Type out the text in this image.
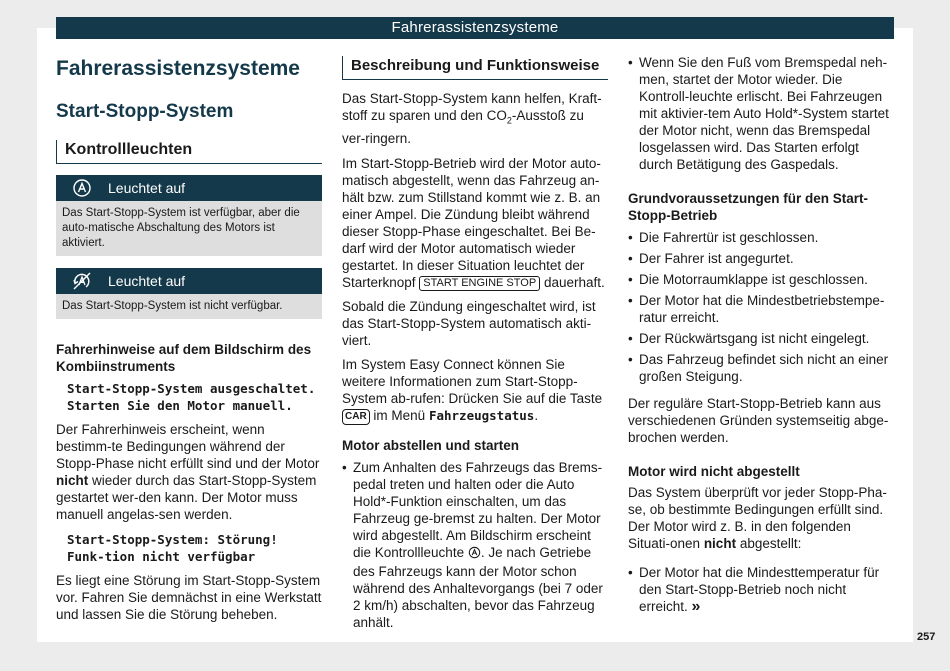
Fahrerassistenzsysteme

Fahrerassistenzsysteme

Start-Stopp-System

Kontrollleuchten

Leuchtet auf
Das Start-Stopp-System ist verfügbar, aber die auto-matische Abschaltung des Motors ist aktiviert.
Leuchtet auf
Das Start-Stopp-System ist nicht verfügbar.

Fahrerhinweise auf dem Bildschirm des Kombiinstruments

Start-Stopp-System ausgeschaltet. Starten Sie den Motor manuell.

Der Fahrerhinweis erscheint, wenn bestimm-te Bedingungen während der Stopp-Phase nicht erfüllt sind und der Motor nicht wieder durch das Start-Stopp-System gestartet wer-den kann. Der Motor muss manuell angelas-sen werden.

Start-Stopp-System: Störung! Funk-tion nicht verfügbar

Es liegt eine Störung im Start-Stopp-System vor. Fahren Sie demnächst in eine Werkstatt und lassen Sie die Störung beheben.

Beschreibung und Funktionsweise

Das Start-Stopp-System kann helfen, Kraft-stoff zu sparen und den $CO_2$-Ausstoß zu ver-ringern.

Im Start-Stopp-Betrieb wird der Motor auto-matisch abgestellt, wenn das Fahrzeug an-hält bzw. zum Stillstand kommt wie z. B. an einer Ampel. Die Zündung bleibt während dieser Stopp-Phase eingeschaltet. Bei Be-darf wird der Motor automatisch wieder gestartet. In dieser Situation leuchtet der Starterknopf START ENGINE STOP dauerhaft.

Sobald die Zündung eingeschaltet wird, ist das Start-Stopp-System automatisch akti-viert.

Im System Easy Connect können Sie weitere Informationen zum Start-Stopp-System ab-rufen: Drücken Sie auf die Taste CAR im Menü Fahrzeugstatus.

Motor abstellen und starten

• Zum Anhalten des Fahrzeugs das Brems-pedal treten und halten oder die Auto Hold*-Funktion einschalten, um das Fahrzeug ge-bremst zu halten. Der Motor wird abgestellt. Am Bildschirm erscheint die Kontrollleuchte . Je nach Getriebe des Fahrzeugs kann der Motor schon während des Anhaltevorgangs (bei 7 oder 2 km/h) abschalten, bevor das Fahrzeug anhält.

• Wenn Sie den Fuß vom Bremspedal neh-men, startet der Motor wieder. Die Kontroll-leuchte erlischt. Bei Fahrzeugen mit aktivier-tem Auto Hold*-System startet der Motor nicht, wenn das Bremspedal losgelassen wird. Das Starten erfolgt durch Betätigung des Gaspedals.

Grundvoraussetzungen für den Start-Stopp-Betrieb

• Die Fahrertür ist geschlossen.

• Der Fahrer ist angegurtet.

• Die Motorraumklappe ist geschlossen.

• Der Motor hat die Mindestbetriebstempe-ratur erreicht.

• Der Rückwärtsgang ist nicht eingelegt.

• Das Fahrzeug befindet sich nicht an einer großen Steigung.

Der reguläre Start-Stopp-Betrieb kann aus verschiedenen Gründen systemseitig abge-brochen werden.

Motor wird nicht abgestellt

Das System überprüft vor jeder Stopp-Pha-se, ob bestimmte Bedingungen erfüllt sind. Der Motor wird z. B. in den folgenden Situati-onen nicht abgestellt:

• Der Motor hat die Mindesttemperatur für den Start-Stopp-Betrieb noch nicht erreicht. »

257
